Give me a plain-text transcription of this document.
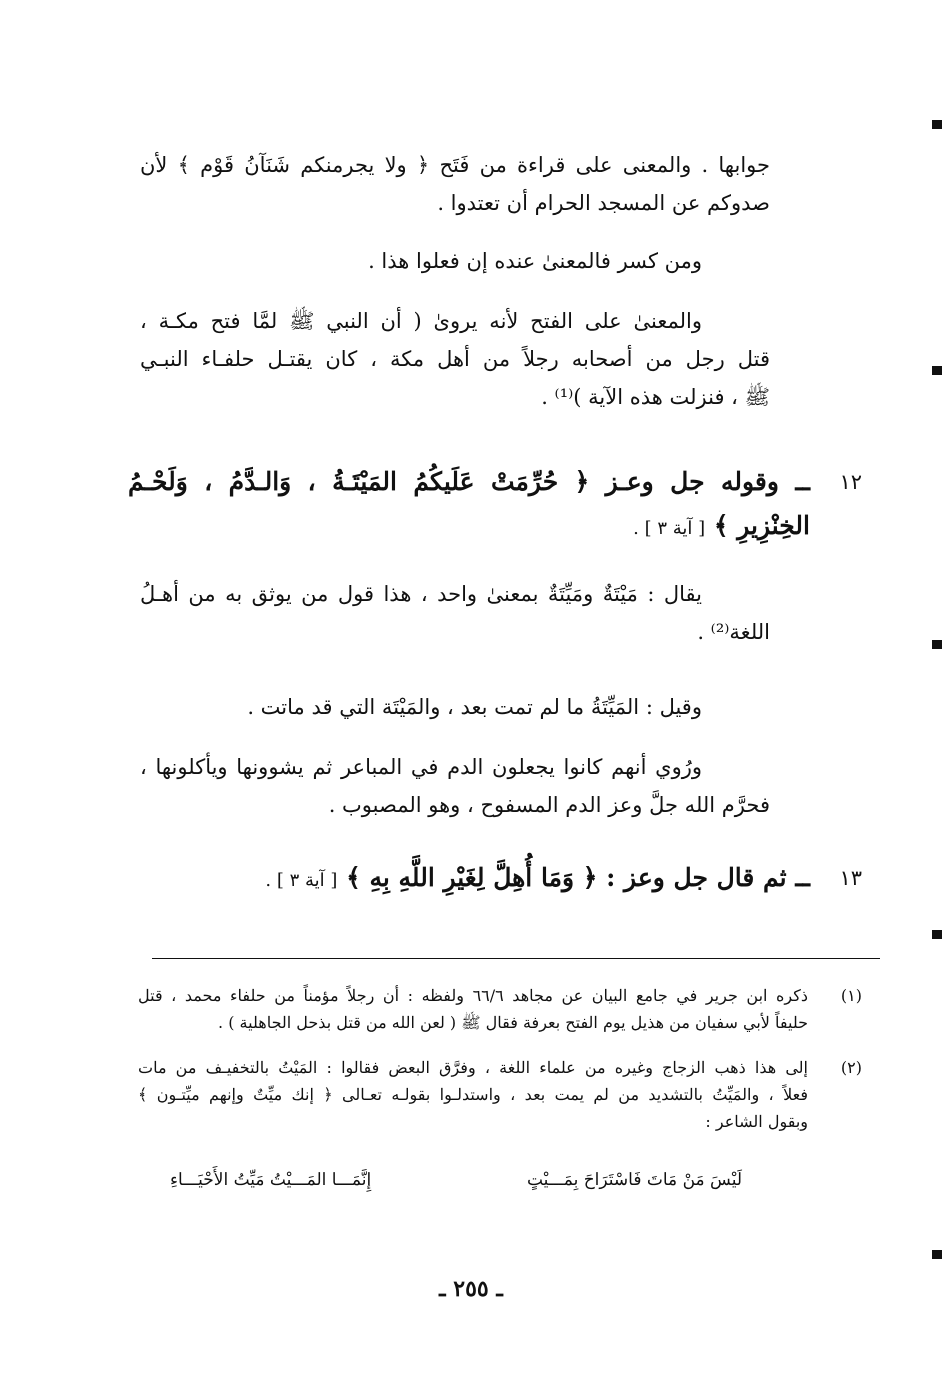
جوابها . والمعنى على قراءة من فَتَح ﴿ ولا يجرمنكم شَنَآنُ قَوْم ﴾ لأن
صدوكم عن المسجد الحرام أن تعتدوا .
ومن كسر فالمعنىٰ عنده إن فعلوا هذا .
والمعنىٰ على الفتح لأنه يروىٰ ( أن النبي ﷺ لمَّا فتح مكـة ،
قتل رجل من أصحابه رجلاً من أهل مكة ، كان يقتـل حلفـاء النبـي
ﷺ ، فنزلت هذه الآية )⁽¹⁾ .
١٢
ــ وقوله جل وعـز ﴿ حُرِّمَتْ عَلَيكُمُ المَيْتَـةُ ، وَالـدَّمُ ، وَلَحْـمُ
الخِنْزِيرِ ﴾ [ آية ٣ ] .
يقال : مَيْتَةٌ ومَيِّتَةٌ بمعنىٰ واحد ، هذا قول من يوثق به من أهـلُ
اللغة⁽²⁾ .
وقيل : المَيِّتَةُ ما لم تمت بعد ، والمَيْتَة التي قد ماتت .
ورُوي أنهم كانوا يجعلون الدم في المباعر ثم يشوونها ويأكلونها ،
فحرَّم الله جلَّ وعز الدم المسفوح ، وهو المصبوب .
١٣
ــ ثم قال جل وعز : ﴿ وَمَا أُهِلَّ لِغَيْرِ اللَّهِ بِهِ ﴾ [ آية ٣ ] .
(١)
ذكره ابن جرير في جامع البيان عن مجاهد ٦٦/٦ ولفظه : أن رجلاً مؤمناً من حلفاء محمد ، قتل
حليفاً لأبي سفيان من هذيل يوم الفتح بعرفة فقال ﷺ ( لعن الله من قتل بذحل الجاهلية ) .
(٢)
إلى هذا ذهب الزجاج وغيره من علماء اللغة ، وفرَّق البعض فقالوا : المَيْتُ بالتخفيـف من مات
فعلاً ، والمَيِّتُ بالتشديد من لم يمت بعد ، واستدلـوا بقولـه تعـالى ﴿ إنك ميِّتٌ وإنهم ميِّتـون ﴾
وبقول الشاعر :
لَيْسَ مَنْ مَاتَ فَاسْتَرَاحَ بِمَـــيْتٍ
إِنَّمَـــا المَـــيْتُ مَيِّتُ الأَحْيَـــاءِ
ـ ٢٥٥ ـ
